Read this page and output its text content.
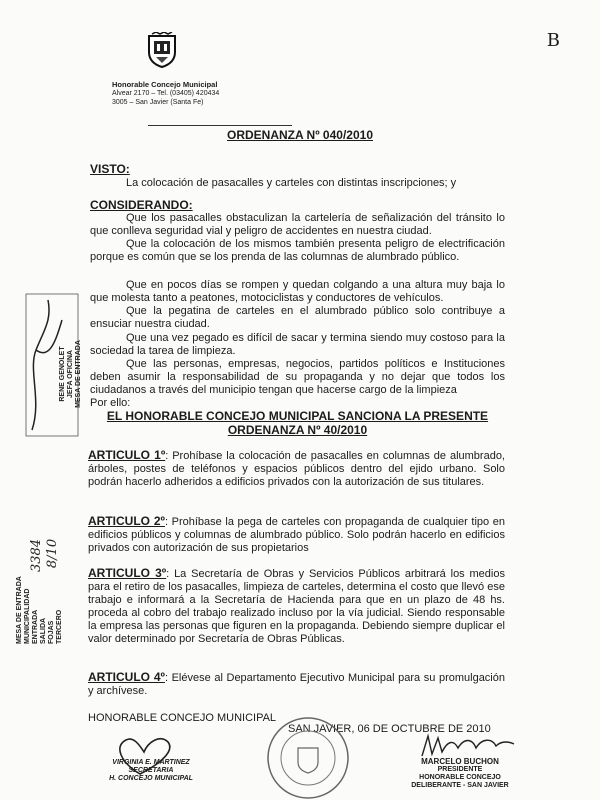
B
Honorable Concejo Municipal
Alvear 2170 – Tel. (03405) 420434
3005 – San Javier (Santa Fe)
ORDENANZA Nº 040/2010
VISTO:
La colocación de pasacalles y carteles con distintas inscripciones; y
CONSIDERANDO:
Que los pasacalles obstaculizan la cartelería de señalización del tránsito lo que conlleva seguridad vial y peligro de accidentes en nuestra ciudad.
Que la colocación de los mismos también presenta peligro de electrificación porque es común que se los prenda de las columnas de alumbrado público.
Que en pocos días se rompen y quedan colgando a una altura muy baja lo que molesta tanto a peatones, motociclistas y conductores de vehículos.
Que la pegatina de carteles en el alumbrado público solo contribuye a ensuciar nuestra ciudad.
Que una vez pegado es difícil de sacar y termina siendo muy costoso para la sociedad la tarea de limpieza.
Que las personas, empresas, negocios, partidos políticos e Instituciones deben asumir la responsabilidad de su propaganda y no dejar que todos los ciudadanos a través del municipio tengan que hacerse cargo de la limpieza
Por ello:
EL HONORABLE CONCEJO MUNICIPAL SANCIONA LA PRESENTE
ORDENANZA Nº 40/2010
ARTICULO 1º: Prohíbase la colocación de pasacalles en columnas de alumbrado, árboles, postes de teléfonos y espacios públicos dentro del ejido urbano. Solo podrán hacerlo adheridos a edificios privados con la autorización de sus titulares.
ARTICULO 2º: Prohíbase la pega de carteles con propaganda de cualquier tipo en edificios públicos y columnas de alumbrado público. Solo podrán hacerlo en edificios privados con autorización de sus propietarios
ARTICULO 3º: La Secretaría de Obras y Servicios Públicos arbitrará los medios para el retiro de los pasacalles, limpieza de carteles, determina el costo que llevó ese trabajo e informará a la Secretaría de Hacienda para que en un plazo de 48 hs. proceda al cobro del trabajo realizado incluso por la vía judicial. Siendo responsable la empresa las personas que figuren en la propaganda. Debiendo siempre duplicar el valor determinado por Secretaría de Obras Públicas.
ARTICULO 4º: Elévese al Departamento Ejecutivo Municipal para su promulgación y archívese.
HONORABLE CONCEJO MUNICIPAL
SAN JAVIER, 06 DE OCTUBRE DE 2010
VIRGINIA E. MARTINEZ
SECRETARIA
H. CONCEJO MUNICIPAL
MARCELO BUCHON
PRESIDENTE
HONORABLE CONCEJO
DELIBERANTE - SAN JAVIER
RENE GENOLET JEFA OFICINA MESA DE ENTRADA
MESA DE ENTRADA MUNICIPALIDAD ENTRADA SALIDA FOJAS TERCERO
3384 8/10
